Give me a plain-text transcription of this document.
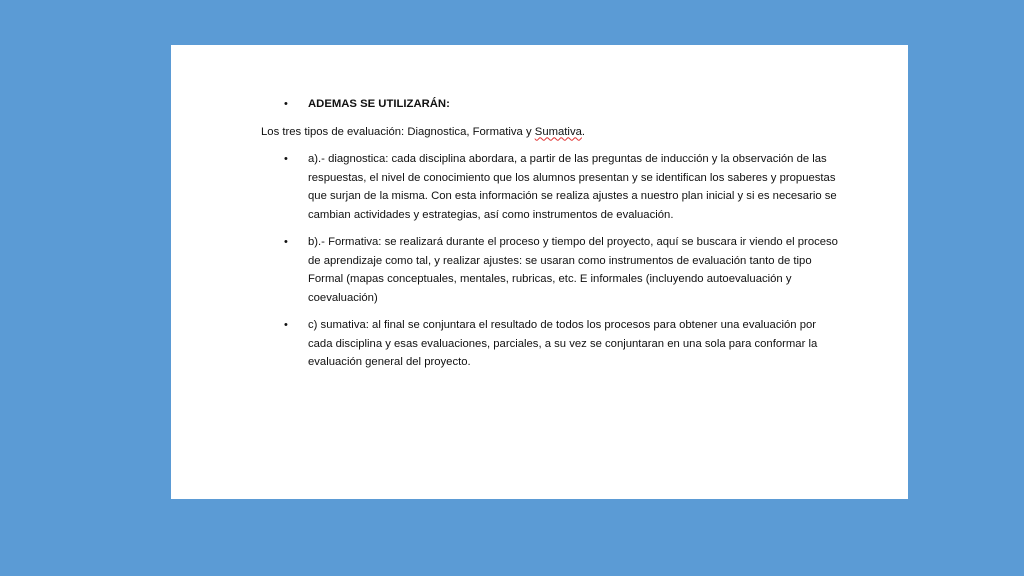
• ADEMAS SE UTILIZARÁN:
Los tres tipos de evaluación: Diagnostica, Formativa y Sumativa.
• a).- diagnostica: cada disciplina abordara, a partir de las preguntas de inducción y la observación de las respuestas, el nivel de conocimiento que los alumnos presentan y se identifican los saberes y propuestas que surjan de la misma. Con esta información se realiza ajustes a nuestro plan inicial y si es necesario se cambian actividades y estrategias, así como instrumentos de evaluación.
• b).- Formativa: se realizará durante el proceso y tiempo del proyecto, aquí se buscara ir viendo el proceso de aprendizaje como tal, y realizar ajustes: se usaran como instrumentos de evaluación tanto de tipo Formal (mapas conceptuales, mentales, rubricas, etc. E informales (incluyendo autoevaluación y coevaluación)
• c) sumativa: al final se conjuntara el resultado de todos los procesos para obtener una evaluación por cada disciplina y esas evaluaciones, parciales, a su vez se conjuntaran en una sola para conformar la evaluación general del proyecto.
